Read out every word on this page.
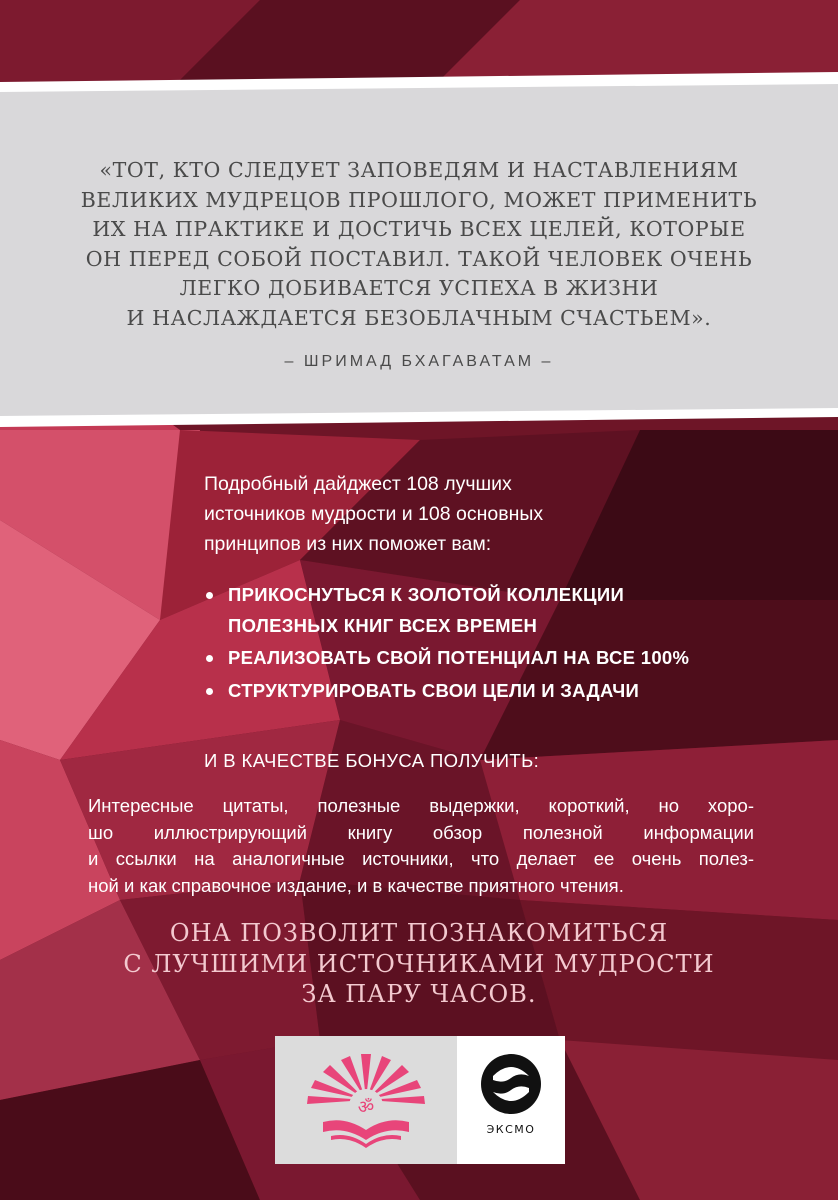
«ТОТ, КТО СЛЕДУЕТ ЗАПОВЕДЯМ И НАСТАВЛЕНИЯМ
ВЕЛИКИХ МУДРЕЦОВ ПРОШЛОГО, МОЖЕТ ПРИМЕНИТЬ
ИХ НА ПРАКТИКЕ И ДОСТИЧЬ ВСЕХ ЦЕЛЕЙ, КОТОРЫЕ
ОН ПЕРЕД СОБОЙ ПОСТАВИЛ. ТАКОЙ ЧЕЛОВЕК ОЧЕНЬ
ЛЕГКО ДОБИВАЕТСЯ УСПЕХА В ЖИЗНИ
И НАСЛАЖДАЕТСЯ БЕЗОБЛАЧНЫМ СЧАСТЬЕМ».
– ШРИМАД БХАГАВАТАМ –
Подробный дайджест 108 лучших
источников мудрости и 108 основных
принципов из них поможет вам:
ПРИКОСНУТЬСЯ К ЗОЛОТОЙ КОЛЛЕКЦИИ
ПОЛЕЗНЫХ КНИГ ВСЕХ ВРЕМЕН
РЕАЛИЗОВАТЬ СВОЙ ПОТЕНЦИАЛ НА ВСЕ 100%
СТРУКТУРИРОВАТЬ СВОИ ЦЕЛИ И ЗАДАЧИ
И В КАЧЕСТВЕ БОНУСА ПОЛУЧИТЬ:
Интересные цитаты, полезные выдержки, короткий, но хоро-
шо иллюстрирующий книгу обзор полезной информации
и ссылки на аналогичные источники, что делает ее очень полез-
ной и как справочное издание, и в качестве приятного чтения.
ОНА ПОЗВОЛИТ ПОЗНАКОМИТЬСЯ
С ЛУЧШИМИ ИСТОЧНИКАМИ МУДРОСТИ
ЗА ПАРУ ЧАСОВ.
ॐ
ЭКСМО
